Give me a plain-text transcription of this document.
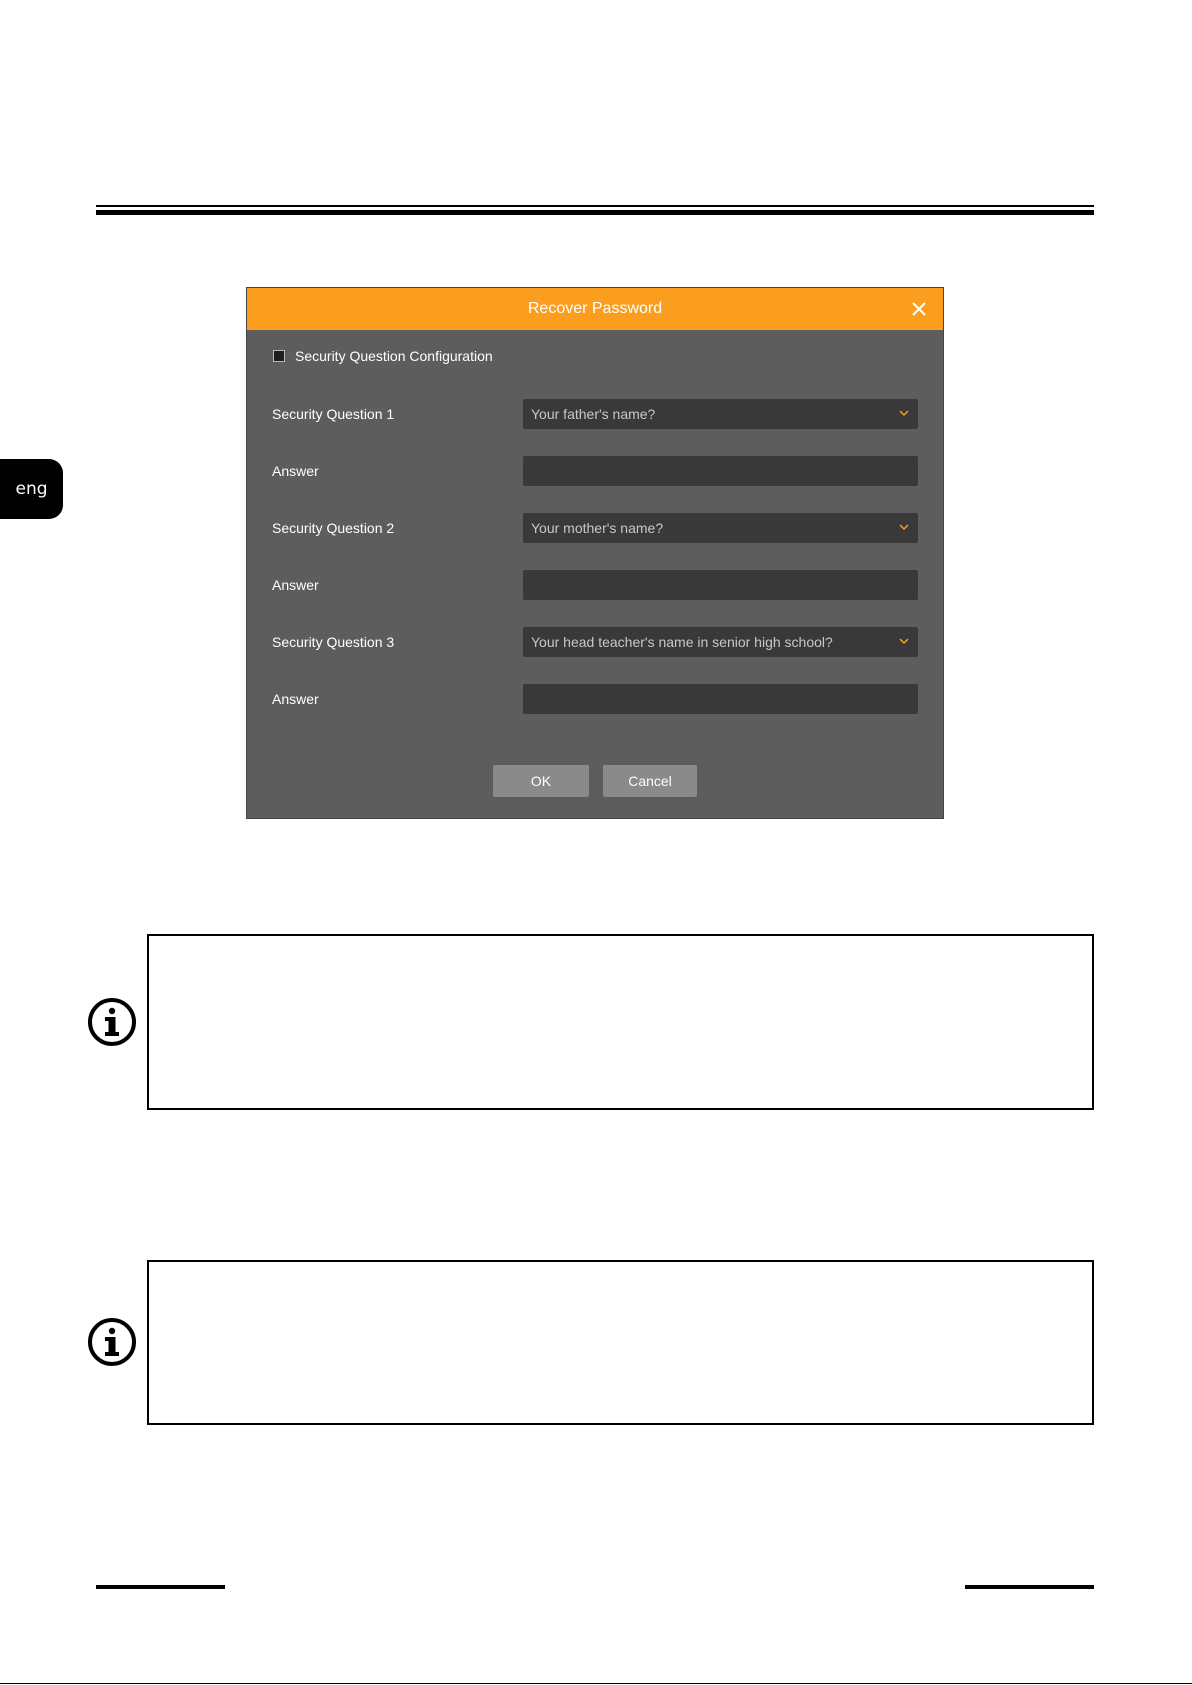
eng
Recover Password
Security Question Configuration
Security Question 1	Your father's name?
Answer
Security Question 2	Your mother's name?
Answer
Security Question 3	Your head teacher's name in senior high school?
Answer
OK	Cancel
